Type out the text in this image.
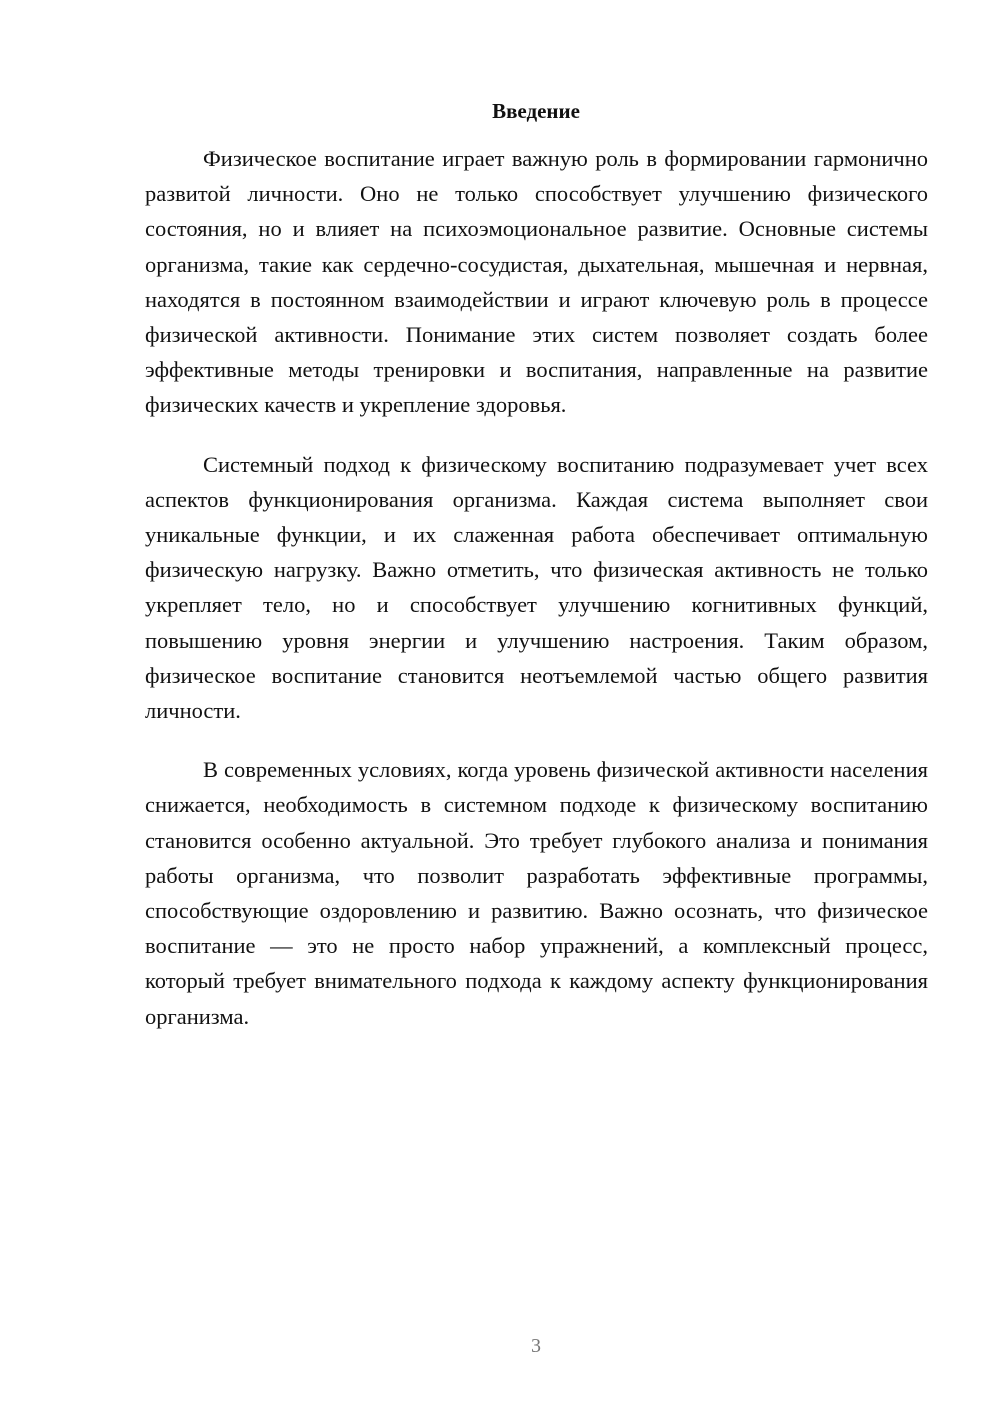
Введение

Физическое воспитание играет важную роль в формировании гармонично развитой личности. Оно не только способствует улучшению физического состояния, но и влияет на психоэмоциональное развитие. Основные системы организма, такие как сердечно-сосудистая, дыхательная, мышечная и нервная, находятся в постоянном взаимодействии и играют ключевую роль в процессе физической активности. Понимание этих систем позволяет создать более эффективные методы тренировки и воспитания, направленные на развитие физических качеств и укрепление здоровья.

Системный подход к физическому воспитанию подразумевает учет всех аспектов функционирования организма. Каждая система выполняет свои уникальные функции, и их слаженная работа обеспечивает оптимальную физическую нагрузку. Важно отметить, что физическая активность не только укрепляет тело, но и способствует улучшению когнитивных функций, повышению уровня энергии и улучшению настроения. Таким образом, физическое воспитание становится неотъемлемой частью общего развития личности.

В современных условиях, когда уровень физической активности населения снижается, необходимость в системном подходе к физическому воспитанию становится особенно актуальной. Это требует глубокого анализа и понимания работы организма, что позволит разработать эффективные программы, способствующие оздоровлению и развитию. Важно осознать, что физическое воспитание — это не просто набор упражнений, а комплексный процесс, который требует внимательного подхода к каждому аспекту функционирования организма.

3
